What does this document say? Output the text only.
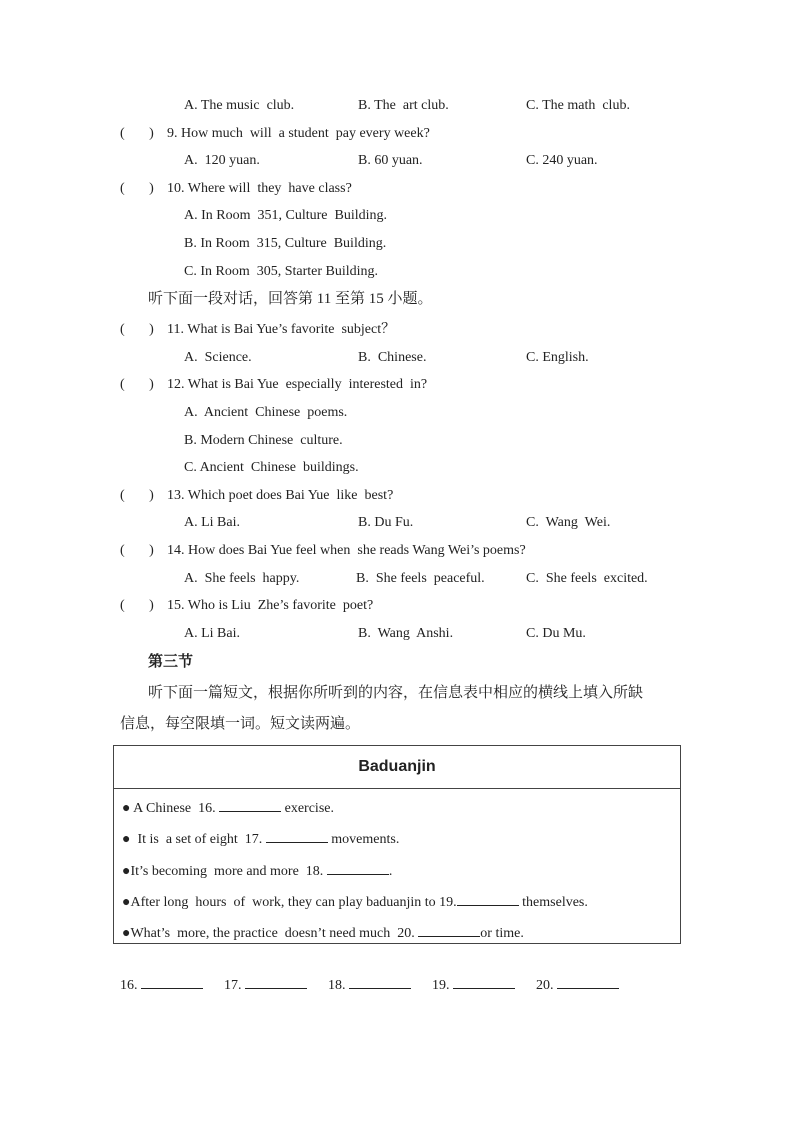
A. The music  club.	B. The  art club.	C. The math  club.
(       ) 9. How much  will  a student  pay every week?
A.  120 yuan.	B. 60 yuan.	C. 240 yuan.
(       ) 10. Where will  they  have class?
A. In Room  351, Culture  Building.
B. In Room  315, Culture  Building.
C. In Room  305, Starter Building.
听下面一段对话，回答第 11 至第 15 小题。
(       ) 11. What is Bai Yue’s favorite  subject？
A.  Science.	B.  Chinese.	C. English.
(       ) 12. What is Bai Yue  especially  interested  in?
A.  Ancient  Chinese  poems.
B. Modern Chinese  culture.
C. Ancient  Chinese  buildings.
(       ) 13. Which poet does Bai Yue  like  best?
A. Li Bai.	B. Du Fu.	C.  Wang  Wei.
(       ) 14. How does Bai Yue feel when  she reads Wang Wei’s poems?
A.  She feels  happy.	B.  She feels  peaceful.	C.  She feels  excited.
(       ) 15. Who is Liu  Zhe’s favorite  poet?
A. Li Bai.	B.  Wang  Anshi.	C. Du Mu.
第三节
听下面一篇短文，根据你所听到的内容，在信息表中相应的横线上填入所缺
信息，每空限填一词。短文读两遍。
Baduanjin

● A Chinese  16.	exercise.
●  It is  a set of eight  17.	movements.
●It’s becoming  more and more  18.	.
●After long  hours  of  work, they can play baduanjin to 19.	themselves.
●What’s  more, the practice  doesn’t need much  20.	or time.
16.	17.	18.	19.	20.
